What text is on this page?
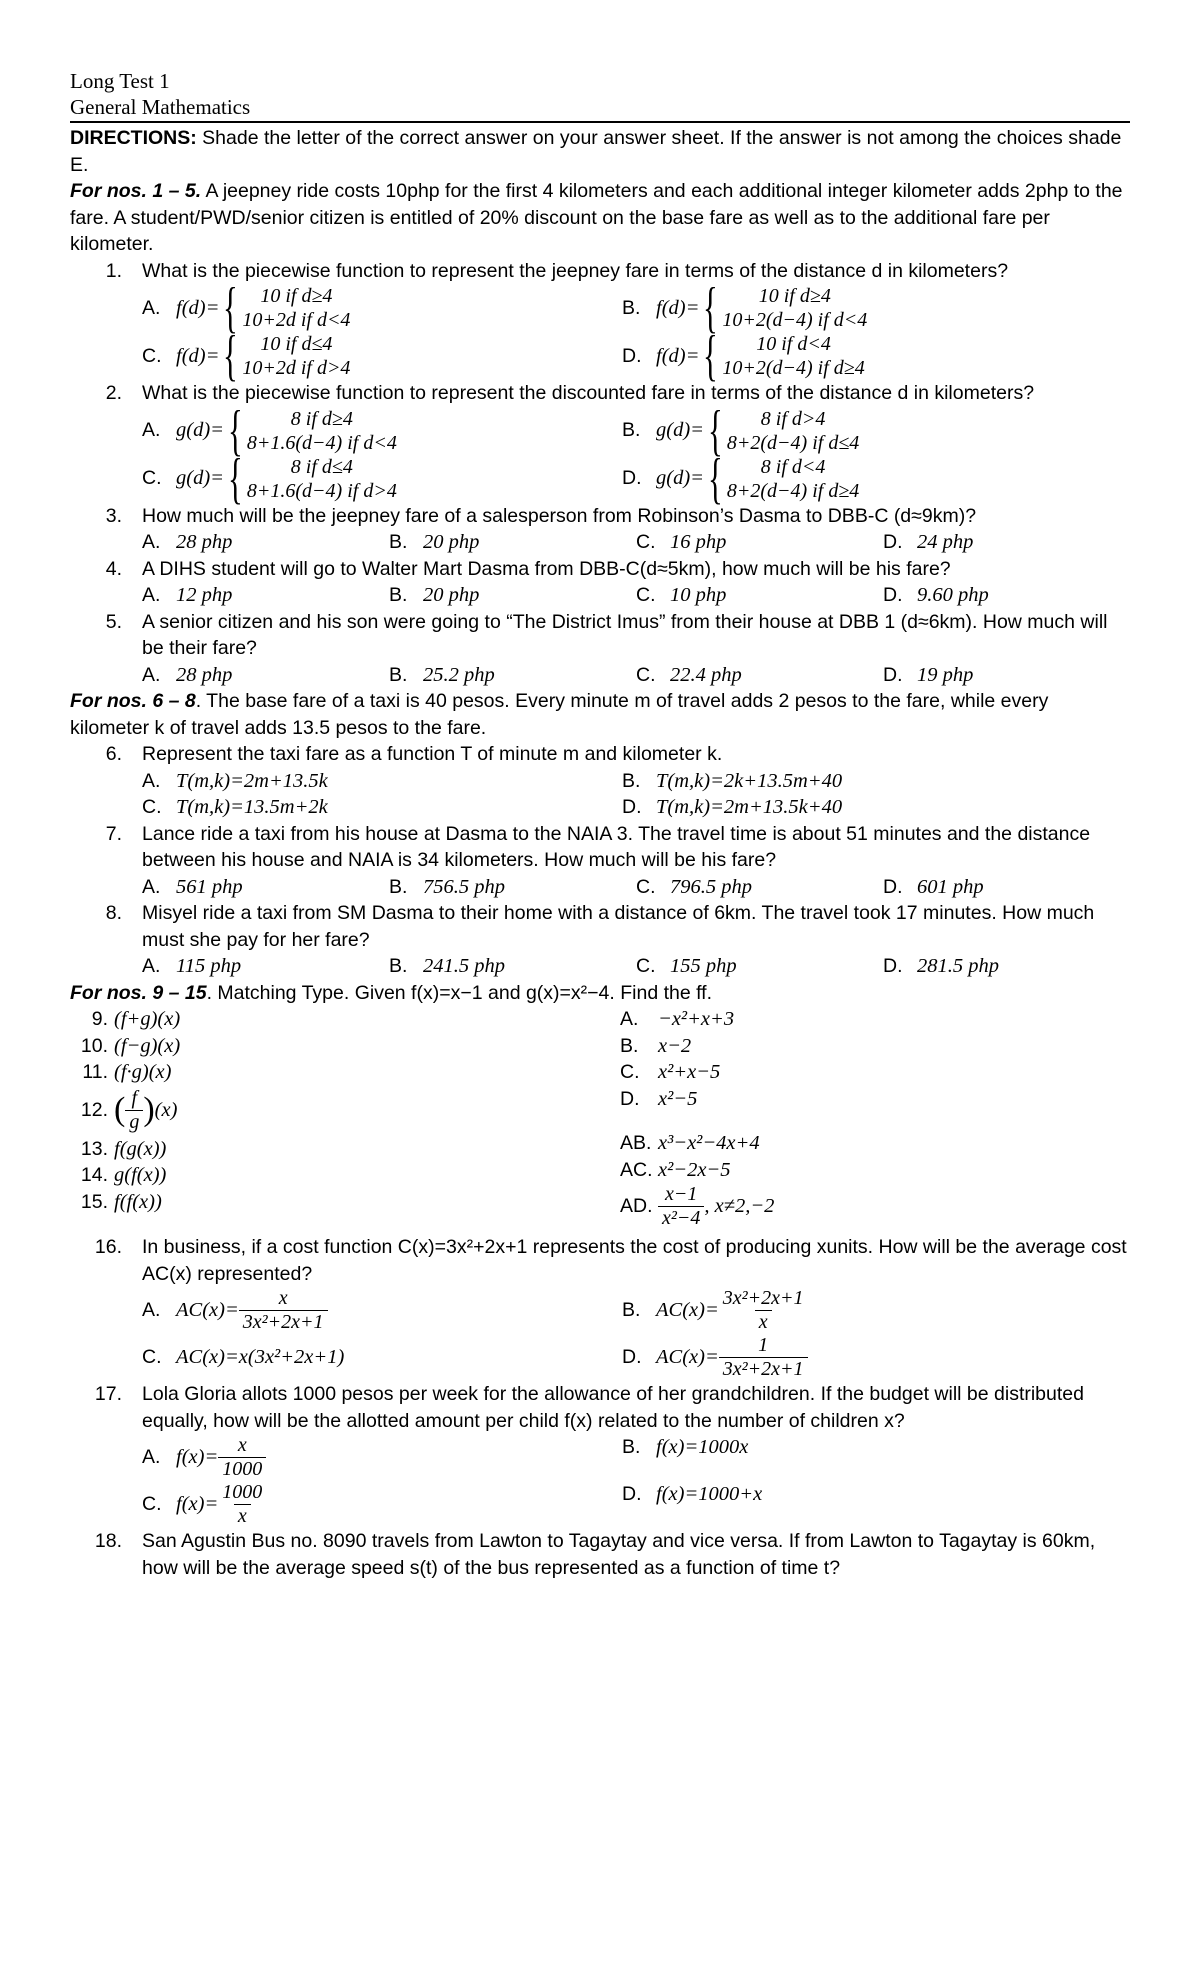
Long Test 1
General Mathematics
DIRECTIONS: Shade the letter of the correct answer on your answer sheet. If the answer is not among the choices shade E.
For nos. 1 – 5. A jeepney ride costs 10php for the first 4 kilometers and each additional integer kilometer adds 2php to the fare. A student/PWD/senior citizen is entitled of 20% discount on the base fare as well as to the additional fare per kilometer.
1. What is the piecewise function to represent the jeepney fare in terms of the distance d in kilometers?
A. f(d)= {	10 if d≥4
10+2d if d<4
B. f(d)= {	10 if d≥4
10+2(d−4) if d<4
C. f(d)= {	10 if d≤4
10+2d if d>4
D. f(d)= {	10 if d<4
10+2(d−4) if d≥4
2. What is the piecewise function to represent the discounted fare in terms of the distance d in kilometers?
A. g(d)= {	8 if d≥4
8+1.6(d−4) if d<4
B. g(d)= {	8 if d>4
8+2(d−4) if d≤4
C. g(d)= {	8 if d≤4
8+1.6(d−4) if d>4
D. g(d)= {	8 if d<4
8+2(d−4) if d≥4
3. How much will be the jeepney fare of a salesperson from Robinson’s Dasma to DBB-C (d≈9km)?
A. 28 php	B. 20 php	C. 16 php	D. 24 php
4. A DIHS student will go to Walter Mart Dasma from DBB-C(d≈5km), how much will be his fare?
A. 12 php	B. 20 php	C. 10 php	D. 9.60 php
5. A senior citizen and his son were going to “The District Imus” from their house at DBB 1 (d≈6km). How much will be their fare?
A. 28 php	B. 25.2 php	C. 22.4 php	D. 19 php
For nos. 6 – 8. The base fare of a taxi is 40 pesos. Every minute m of travel adds 2 pesos to the fare, while every kilometer k of travel adds 13.5 pesos to the fare.
6. Represent the taxi fare as a function T of minute m and kilometer k.
A. T(m,k)=2m+13.5k	B. T(m,k)=2k+13.5m+40
C. T(m,k)=13.5m+2k	D. T(m,k)=2m+13.5k+40
7. Lance ride a taxi from his house at Dasma to the NAIA 3. The travel time is about 51 minutes and the distance between his house and NAIA is 34 kilometers. How much will be his fare?
A. 561 php	B. 756.5 php	C. 796.5 php	D. 601 php
8. Misyel ride a taxi from SM Dasma to their home with a distance of 6km. The travel took 17 minutes. How much must she pay for her fare?
A. 115 php	B. 241.5 php	C. 155 php	D. 281.5 php
For nos. 9 – 15. Matching Type. Given f(x)=x−1 and g(x)=x²−4. Find the ff.
9. (f+g)(x)
10. (f−g)(x)
11. (f·g)(x)
12. ( $\frac{f}{g}$ ) (x)
13. f(g(x))
14. g(f(x))
15. f(f(x))
A. −x²+x+3
B. x−2
C. x²+x−5
D. x²−5
AB. x³−x²−4x+4
AC. x²−2x−5
AD. $\frac{x-1}{\text{x²−4}}$ , x≠2,−2
16. In business, if a cost function C(x)=3x²+2x+1 represents the cost of producing xunits. How will be the average cost AC(x) represented?
A. $AC(x)= \frac{x}{\text{3x²+2x+1}}$	B. $AC(x)= \frac{\text{3x²+2x+1}}{x}$
C. AC(x)=x(3x²+2x+1)	D. $AC(x)= \frac{1}{\text{3x²+2x+1}}$
17. Lola Gloria allots 1000 pesos per week for the allowance of her grandchildren. If the budget will be distributed equally, how will be the allotted amount per child f(x) related to the number of children x?
A. $f(x)= \frac{x}{1000}$	B. f(x)=1000x
C. $f(x)= \frac{1000}{x}$	D. f(x)=1000+x
18. San Agustin Bus no. 8090 travels from Lawton to Tagaytay and vice versa. If from Lawton to Tagaytay is 60km, how will be the average speed s(t) of the bus represented as a function of time t?
